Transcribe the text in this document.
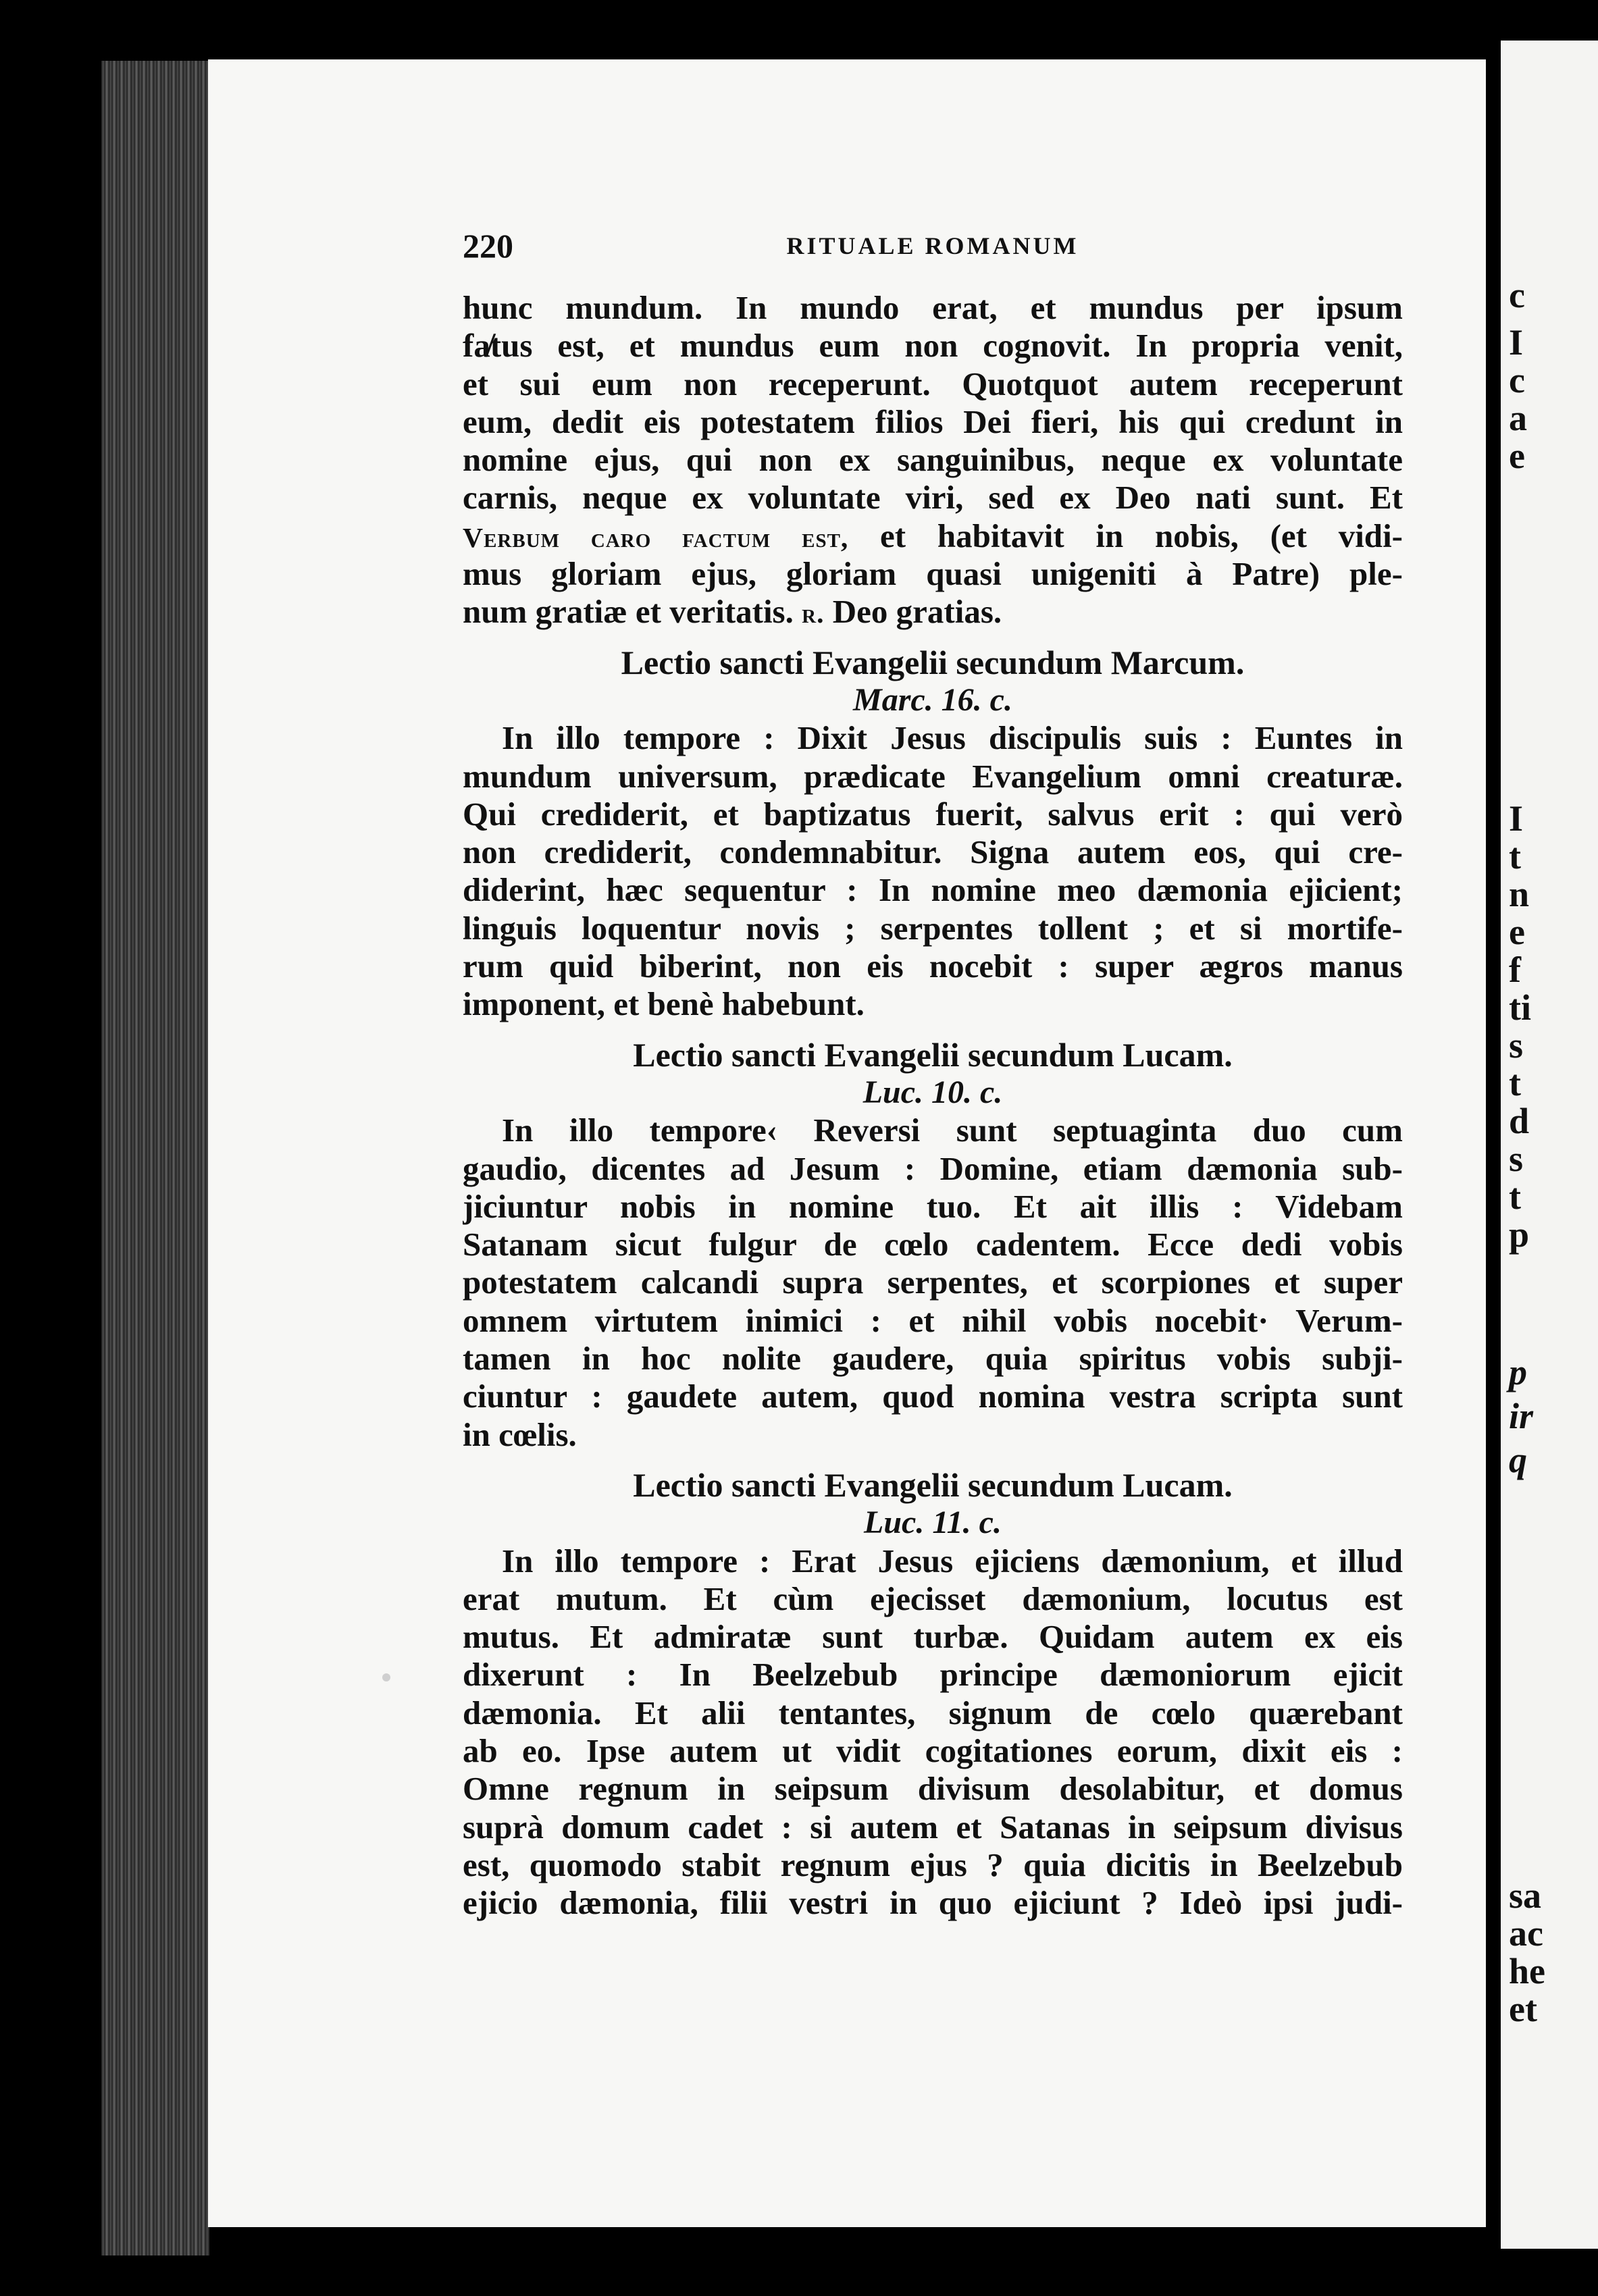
c
I
c
a
e
I
t
n
e
f
ti
s
t
d
s
t
p
p
ir
q
sa
ac
he
et
220	RITUALE ROMANUM
hunc mundum. In mundo erat, et mundus per ipsum
fa̸tus est, et mundus eum non cognovit. In propria venit,
et sui eum non receperunt. Quotquot autem receperunt
eum, dedit eis potestatem filios Dei fieri, his qui credunt in
nomine ejus, qui non ex sanguinibus, neque ex voluntate
carnis, neque ex voluntate viri, sed ex Deo nati sunt. Et
Verbum caro factum est, et habitavit in nobis, (et vidi-
mus gloriam ejus, gloriam quasi unigeniti à Patre) ple-
num gratiæ et veritatis. r. Deo gratias.
Lectio sancti Evangelii secundum Marcum.
Marc. 16. c.
In illo tempore : Dixit Jesus discipulis suis : Euntes in
mundum universum, prædicate Evangelium omni creaturæ.
Qui crediderit, et baptizatus fuerit, salvus erit : qui verò
non crediderit, condemnabitur. Signa autem eos, qui cre-
diderint, hæc sequentur : In nomine meo dæmonia ejicient;
linguis loquentur novis ; serpentes tollent ; et si mortife-
rum quid biberint, non eis nocebit : super ægros manus
imponent, et benè habebunt.
Lectio sancti Evangelii secundum Lucam.
Luc. 10. c.
In illo tempore‹ Reversi sunt septuaginta duo cum
gaudio, dicentes ad Jesum : Domine, etiam dæmonia sub-
jiciuntur nobis in nomine tuo. Et ait illis : Videbam
Satanam sicut fulgur de cœlo cadentem. Ecce dedi vobis
potestatem calcandi supra serpentes, et scorpiones et super
omnem virtutem inimici : et nihil vobis nocebit· Verum-
tamen in hoc nolite gaudere, quia spiritus vobis subji-
ciuntur : gaudete autem, quod nomina vestra scripta sunt
in cœlis.
Lectio sancti Evangelii secundum Lucam.
Luc. 11. c.
In illo tempore : Erat Jesus ejiciens dæmonium, et illud
erat mutum. Et cùm ejecisset dæmonium, locutus est
mutus. Et admiratæ sunt turbæ. Quidam autem ex eis
dixerunt : In Beelzebub principe dæmoniorum ejicit
dæmonia. Et alii tentantes, signum de cœlo quærebant
ab eo. Ipse autem ut vidit cogitationes eorum, dixit eis :
Omne regnum in seipsum divisum desolabitur, et domus
suprà domum cadet : si autem et Satanas in seipsum divisus
est, quomodo stabit regnum ejus ? quia dicitis in Beelzebub
ejicio dæmonia, filii vestri in quo ejiciunt ? Ideò ipsi judi-
